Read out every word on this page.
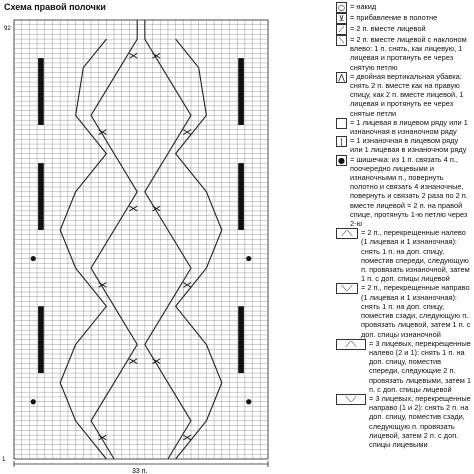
Схема правой полочки
92
1
33 п.
○ = накид
⊻ = прибавление в полотне
⟋ = 2 п. вместе лицевой
⟍ = 2 п. вместе лицевой с наклоном влево: 1 п. снять, как лицевую, 1 лицевая и протянуть ее через снятую петлю
⋀ = двойная вертикальная убавка: снять 2 п. вместе как на правую спицу, как 2 п. вместе лицевой, 1 лицевая и протянуть ее через снятые петли
= 1 лицевая в лицевом ряду или 1 изнаночная в изнаночном ряду
| = 1 изнаночная в лицевом ряду или 1 лицевая в изнаночном ряду
● = шишечка: из 1 п. связать 4 п., поочередно лицевыми и изнаночными п., повернуть полотно и связать 4 изнаночные, повернуть и связать 2 раза по 2 п. вместе лицевой = 2 п. на правой спице, протянуть 1-ю петлю через 2-ю
⟋⟍	= 2 п., перекрещенные налево (1 лицевая и 1 изнаночная): снять 1 п. на доп. спицу, поместив спереди, следующую п. провязать изнаночной, затем 1 п. с доп. спицы лицевой
⟍⟋	= 2 п., перекрещенные направо (1 лицевая и 1 изнаночная): снять 1 п. на доп. спицу, поместив сзади, следующую п. провязать лицевой, затем 1 п. с доп. спицы изнаночной
⟋⟍	= 3 лицевых, перекрещенные налево (2 и 1): снять 1 п. на доп. спицу, поместив спереди, следующие 2 п. провязать лицевыми, затем 1 п. с доп. спицы лицевой
⟍⟋	= 3 лицевых, перекрещенные направо (1 и 2): снять 2 п. на доп. спицу, поместив сзади, следующую п. провязать лицевой, затем 2 п. с доп. спицы лицевыми
